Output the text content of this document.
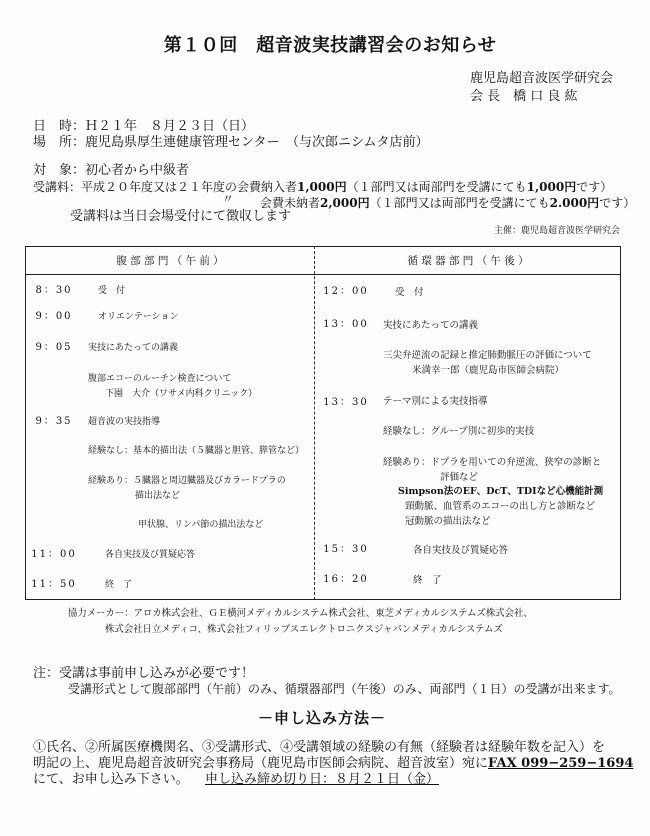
第１０回　超音波実技講習会のお知らせ
鹿児島超音波医学研究会
会 長　橋 口 良 紘
日　時：Ｈ２１年　８月２３日（日）
場　所：鹿児島県厚生連健康管理センター　（与次郎ニシムタ店前）
対　象：初心者から中級者
受講料：平成２０年度又は２１年度の会費納入者1,000円（１部門又は両部門を受講にても1,000円です）
〃 会費未納者2,000円（１部門又は両部門を受講にても2.000円です）
受講料は当日会場受付にて徴収します
主催：鹿児島超音波医学研究会
腹 部 部 門 （ 午 前 ）	循 環 器 部 門 （ 午 後 ）
8：30	受　付
9：00	オリエンテーション
9：05	実技にあたっての講義
腹部エコーのルーチン検査について
下園　大介（ワサメ内科クリニック）
9：35	超音波の実技指導
経験なし：基本的描出法（５臓器と胆管、膵管など）
経験あり：５臓器と周辺臓器及びカラードプラの
描出法など
甲状腺、リンパ節の描出法など
11：00	各自実技及び質疑応答
11：50	終　了
12：00	受　付
13：00	実技にあたっての講義
三尖弁逆流の記録と推定肺動脈圧の評価について
米満幸一郎（鹿児島市医師会病院）
13：30	テーマ別による実技指導
経験なし：グループ別に初歩的実技
経験あり：ドプラを用いての弁逆流、狭窄の診断と
評価など
Simpson法のEF、DcT、TDIなど心機能計測
頸動脈、血管系のエコーの出し方と診断など
冠動脈の描出法など
15：30	各自実技及び質疑応答
16：20	終　了
協力メーカー：アロカ株式会社、ＧＥ横河メディカルシステム株式会社、東芝メディカルシステムズ株式会社、
株式会社日立メディコ、株式会社フィリップスエレクトロニクスジャパンメディカルシステムズ
注：受講は事前申し込みが必要です！
受講形式として腹部部門（午前）のみ、循環器部門（午後）のみ、両部門（１日）の受講が出来ます。
－申し込み方法－
①氏名、②所属医療機関名、③受講形式、④受講領域の経験の有無（経験者は経験年数を記入）を
明記の上、鹿児島超音波研究会事務局（鹿児島市医師会病院、超音波室）宛にFAX 099−259−1694
にて、お申し込み下さい。 申し込み締め切り日：８月２１日（金）
